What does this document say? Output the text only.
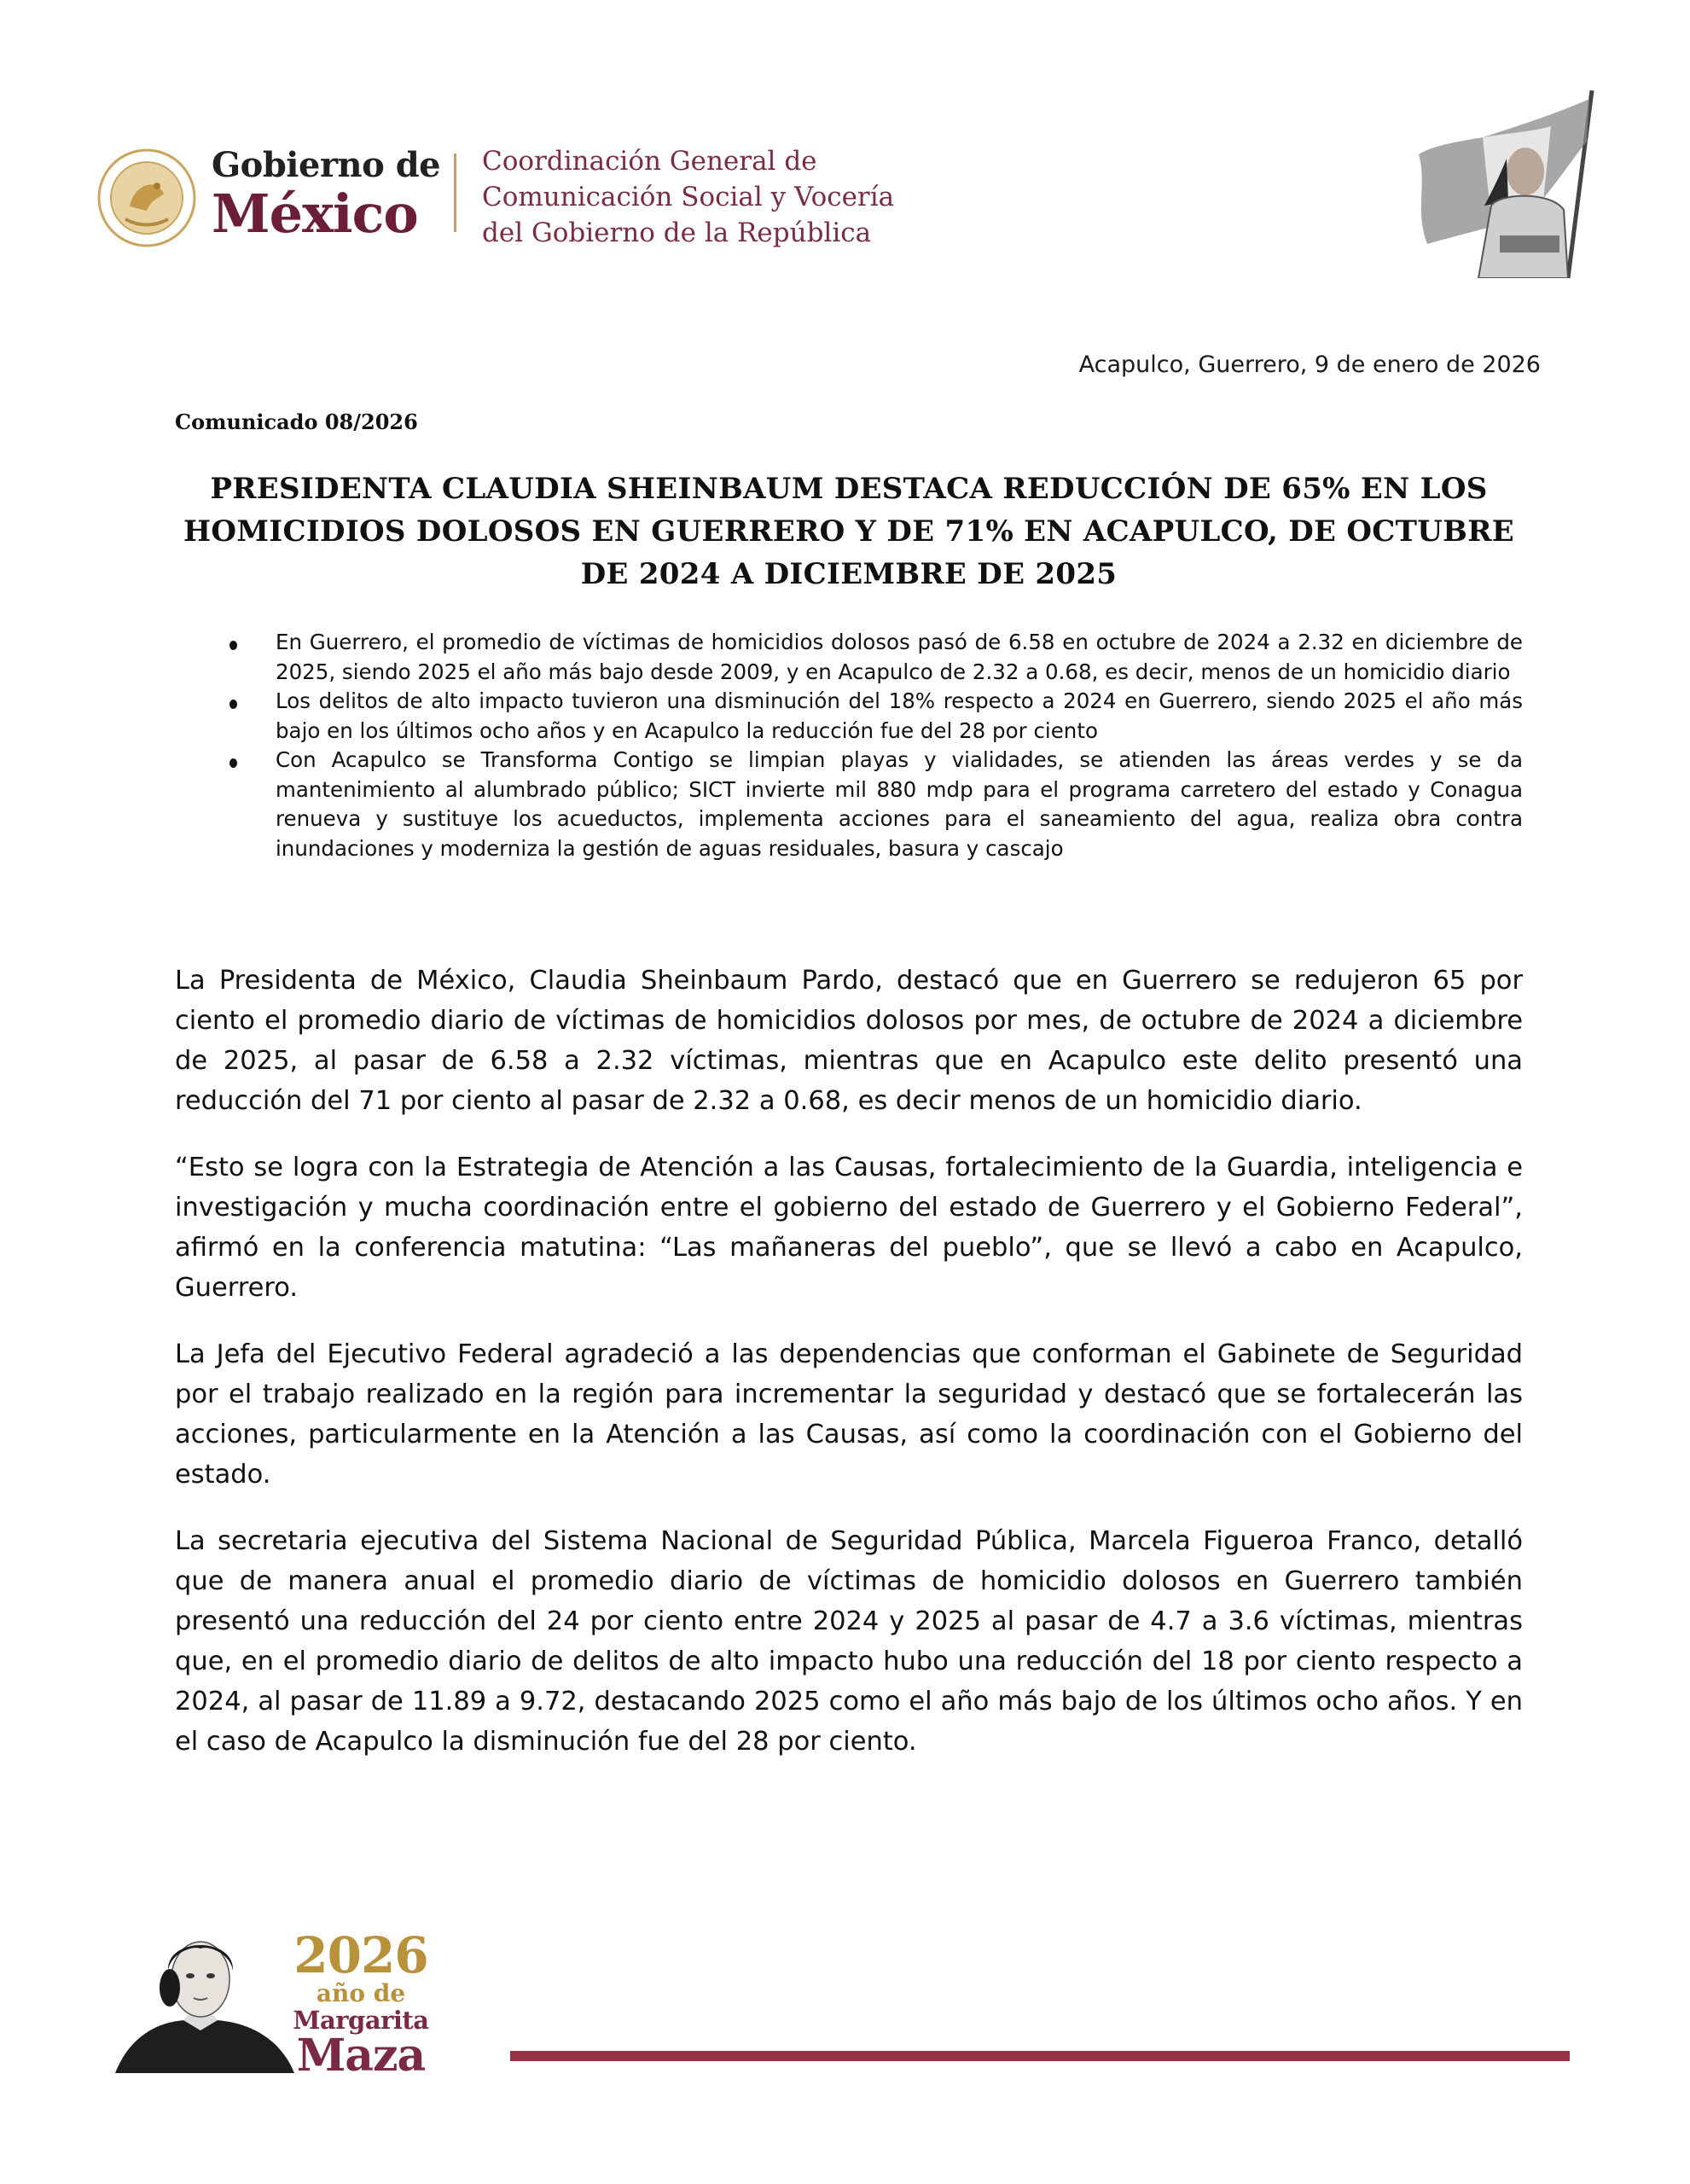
Gobierno de
México
Coordinación General de
Comunicación Social y Vocería
del Gobierno de la República
Acapulco, Guerrero, 9 de enero de 2026
Comunicado 08/2026
PRESIDENTA CLAUDIA SHEINBAUM DESTACA REDUCCIÓN DE 65% EN LOS HOMICIDIOS DOLOSOS EN GUERRERO Y DE 71% EN ACAPULCO, DE OCTUBRE DE 2024 A DICIEMBRE DE 2025
En Guerrero, el promedio de víctimas de homicidios dolosos pasó de 6.58 en octubre de 2024 a 2.32 en diciembre de 2025, siendo 2025 el año más bajo desde 2009, y en Acapulco de 2.32 a 0.68, es decir, menos de un homicidio diario
Los delitos de alto impacto tuvieron una disminución del 18% respecto a 2024 en Guerrero, siendo 2025 el año más bajo en los últimos ocho años y en Acapulco la reducción fue del 28 por ciento
Con Acapulco se Transforma Contigo se limpian playas y vialidades, se atienden las áreas verdes y se da mantenimiento al alumbrado público; SICT invierte mil 880 mdp para el programa carretero del estado y Conagua renueva y sustituye los acueductos, implementa acciones para el saneamiento del agua, realiza obra contra inundaciones y moderniza la gestión de aguas residuales, basura y cascajo

La Presidenta de México, Claudia Sheinbaum Pardo, destacó que en Guerrero se redujeron 65 por ciento el promedio diario de víctimas de homicidios dolosos por mes, de octubre de 2024 a diciembre de 2025, al pasar de 6.58 a 2.32 víctimas, mientras que en Acapulco este delito presentó una reducción del 71 por ciento al pasar de 2.32 a 0.68, es decir menos de un homicidio diario.

“Esto se logra con la Estrategia de Atención a las Causas, fortalecimiento de la Guardia, inteligencia e investigación y mucha coordinación entre el gobierno del estado de Guerrero y el Gobierno Federal”, afirmó en la conferencia matutina: “Las mañaneras del pueblo”, que se llevó a cabo en Acapulco, Guerrero.

La Jefa del Ejecutivo Federal agradeció a las dependencias que conforman el Gabinete de Seguridad por el trabajo realizado en la región para incrementar la seguridad y destacó que se fortalecerán las acciones, particularmente en la Atención a las Causas, así como la coordinación con el Gobierno del estado.

La secretaria ejecutiva del Sistema Nacional de Seguridad Pública, Marcela Figueroa Franco, detalló que de manera anual el promedio diario de víctimas de homicidio dolosos en Guerrero también presentó una reducción del 24 por ciento entre 2024 y 2025 al pasar de 4.7 a 3.6 víctimas, mientras que, en el promedio diario de delitos de alto impacto hubo una reducción del 18 por ciento respecto a 2024, al pasar de 11.89 a 9.72, destacando 2025 como el año más bajo de los últimos ocho años. Y en el caso de Acapulco la disminución fue del 28 por ciento.

2026
año de
Margarita
Maza
